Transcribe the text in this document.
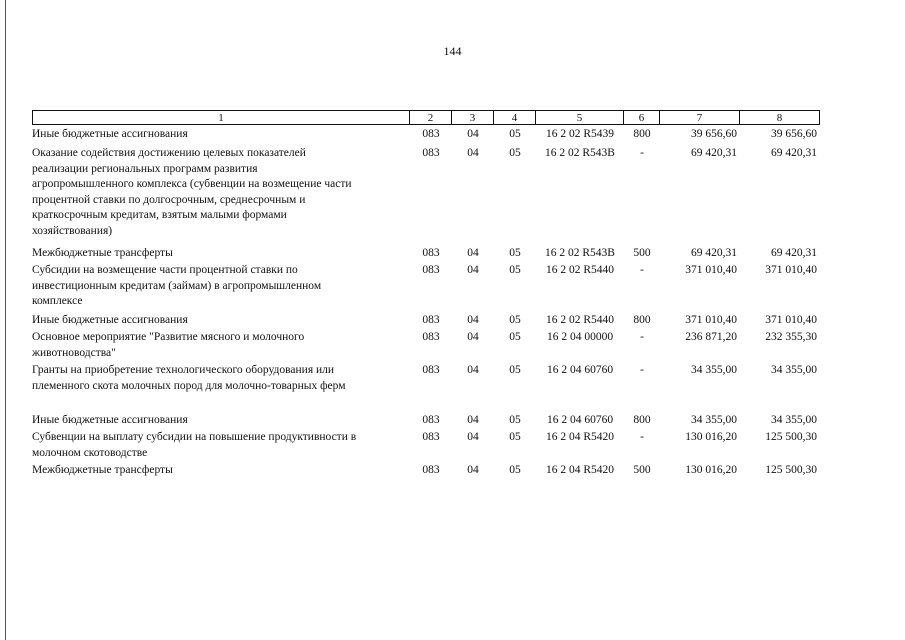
144
1	2	3	4	5	6	7	8
Иные бюджетные ассигнования	083	04	05	16 2 02 R5439	800	39 656,60	39 656,60
Оказание содействия достижению целевых показателей
реализации региональных программ развития
агропромышленного комплекса (субвенции на возмещение части
процентной ставки по долгосрочным, среднесрочным и
краткосрочным кредитам, взятым малыми формами
хозяйствования)
083	04	05	16 2 02 R543B	-	69 420,31	69 420,31
Межбюджетные трансферты	083	04	05	16 2 02 R543B	500	69 420,31	69 420,31
Субсидии на возмещение части процентной ставки по
инвестиционным кредитам (займам) в агропромышленном
комплексе
083	04	05	16 2 02 R5440	-	371 010,40	371 010,40
Иные бюджетные ассигнования	083	04	05	16 2 02 R5440	800	371 010,40	371 010,40
Основное мероприятие "Развитие мясного и молочного
животноводства"
083	04	05	16 2 04 00000	-	236 871,20	232 355,30
Гранты на приобретение технологического оборудования или
племенного скота молочных пород для молочно-товарных ферм
083	04	05	16 2 04 60760	-	34 355,00	34 355,00
Иные бюджетные ассигнования	083	04	05	16 2 04 60760	800	34 355,00	34 355,00
Субвенции на выплату субсидии на повышение продуктивности в
молочном скотоводстве
083	04	05	16 2 04 R5420	-	130 016,20	125 500,30
Межбюджетные трансферты	083	04	05	16 2 04 R5420	500	130 016,20	125 500,30
